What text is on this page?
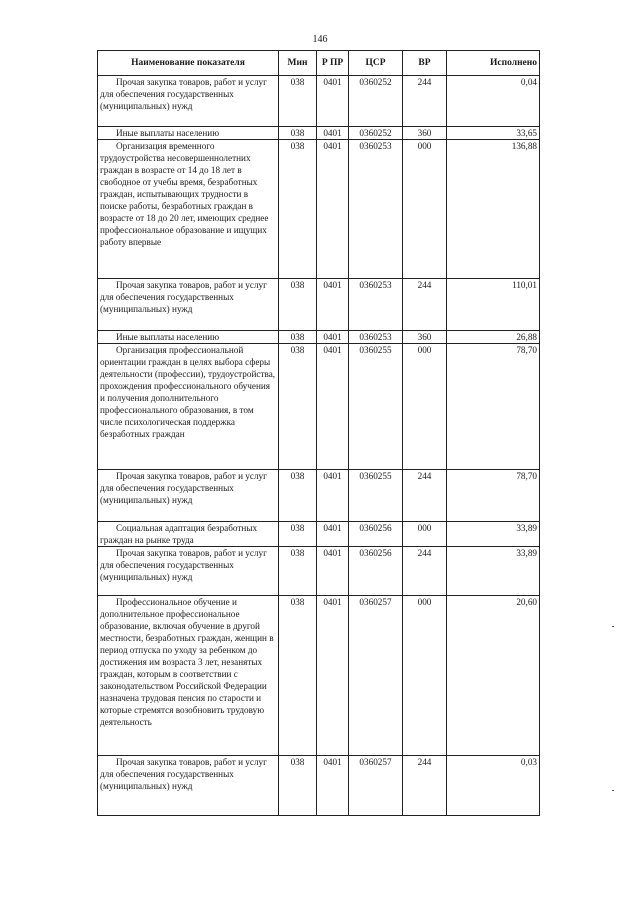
146
Наименование показателя	Мин	Р ПР	ЦСР	ВР	Исполнено
Прочая закупка товаров, работ и услуг для обеспечения государственных (муниципальных) нужд	038	0401	0360252	244	0,04
Иные выплаты населению	038	0401	0360252	360	33,65
Организация временного трудоустройства несовершеннолетних граждан в возрасте от 14 до 18 лет в свободное от учебы время, безработных граждан, испытывающих трудности в поиске работы, безработных граждан в возрасте от 18 до 20 лет, имеющих среднее профессиональное образование и ищущих работу впервые	038	0401	0360253	000	136,88
Прочая закупка товаров, работ и услуг для обеспечения государственных (муниципальных) нужд	038	0401	0360253	244	110,01
Иные выплаты населению	038	0401	0360253	360	26,88
Организация профессиональной ориентации граждан в целях выбора сферы деятельности (профессии), трудоустройства, прохождения профессионального обучения и получения дополнительного профессионального образования, в том числе психологическая поддержка безработных граждан	038	0401	0360255	000	78,70
Прочая закупка товаров, работ и услуг для обеспечения государственных (муниципальных) нужд	038	0401	0360255	244	78,70
Социальная адаптация безработных граждан на рынке труда	038	0401	0360256	000	33,89
Прочая закупка товаров, работ и услуг для обеспечения государственных (муниципальных) нужд	038	0401	0360256	244	33,89
Профессиональное обучение и дополнительное профессиональное образование, включая обучение в другой местности, безработных граждан, женщин в период отпуска по уходу за ребенком до достижения им возраста 3 лет, незанятых граждан, которым в соответствии с законодательством Российской Федерации назначена трудовая пенсия по старости и которые стремятся возобновить трудовую деятельность	038	0401	0360257	000	20,60
Прочая закупка товаров, работ и услуг для обеспечения государственных (муниципальных) нужд	038	0401	0360257	244	0,03
